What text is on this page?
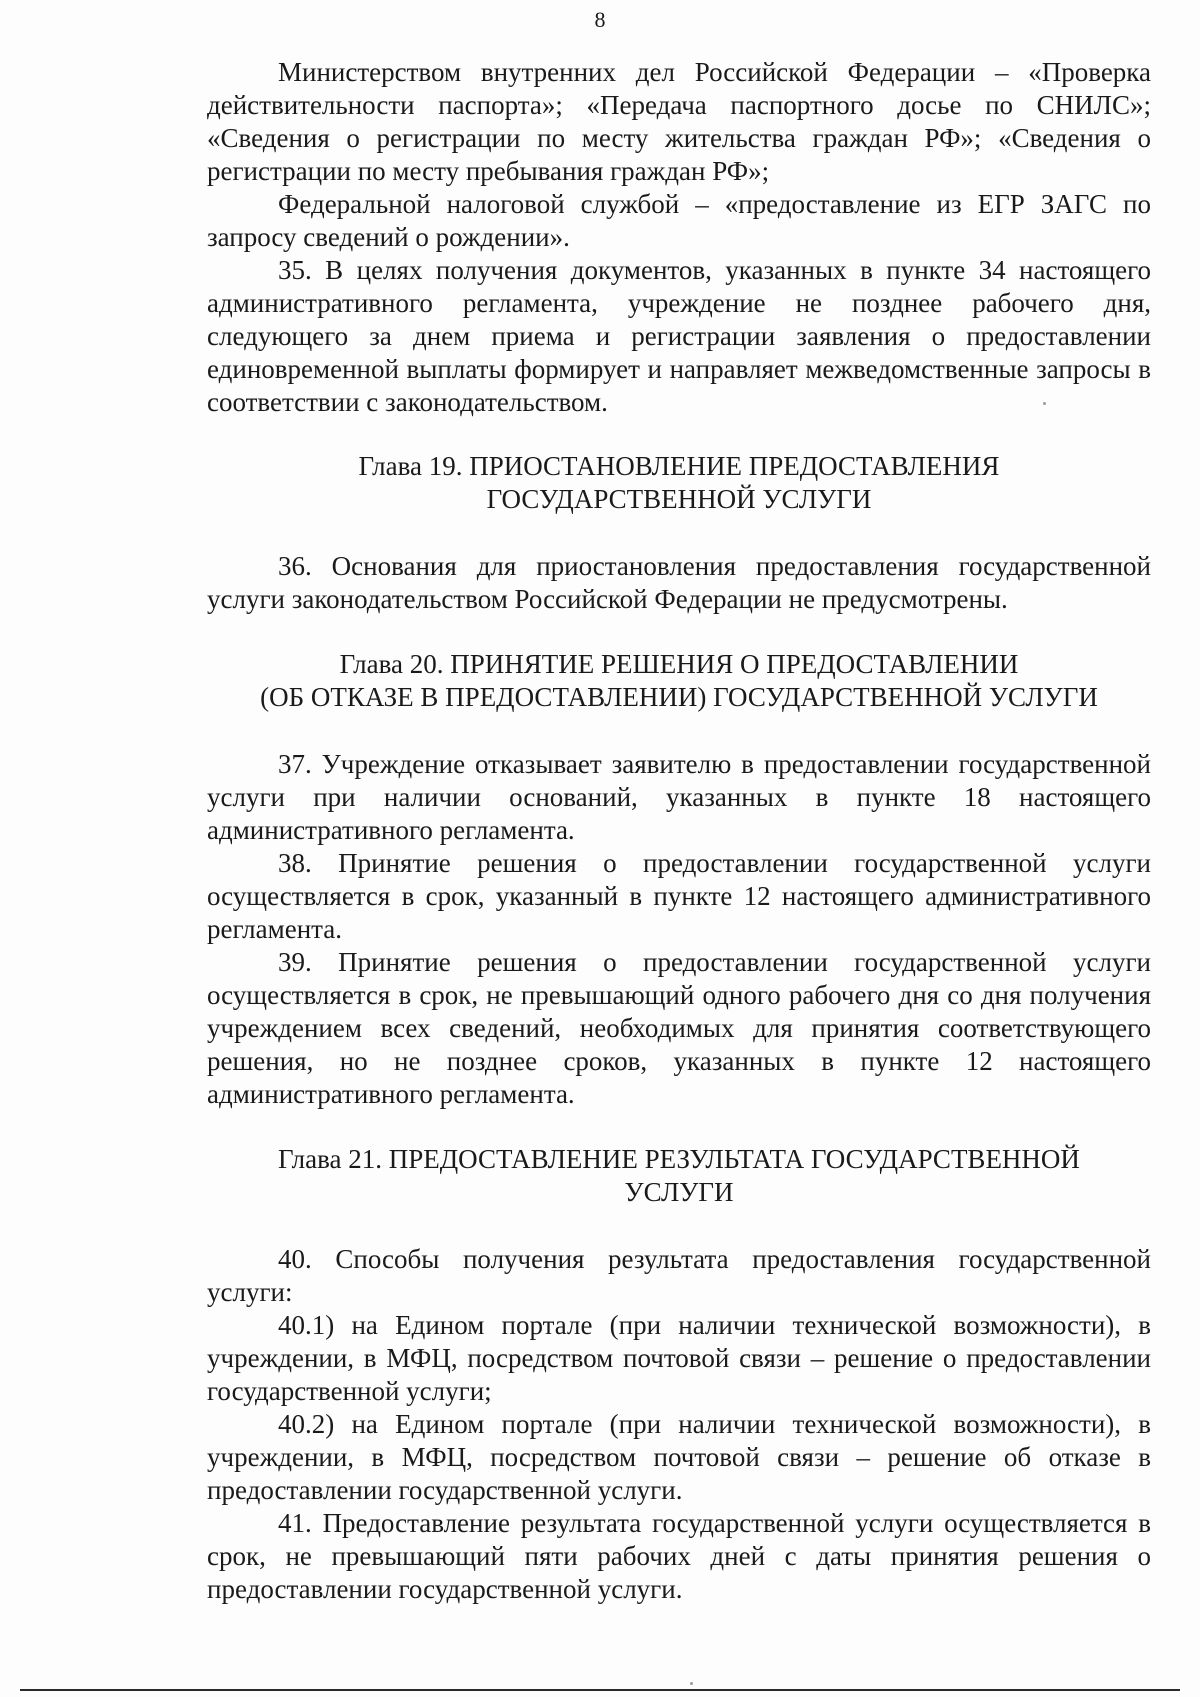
8

Министерством внутренних дел Российской Федерации – «Проверка действительности паспорта»; «Передача паспортного досье по СНИЛС»; «Сведения о регистрации по месту жительства граждан РФ»; «Сведения о регистрации по месту пребывания граждан РФ»;

Федеральной налоговой службой – «предоставление из ЕГР ЗАГС по запросу сведений о рождении».

35. В целях получения документов, указанных в пункте 34 настоящего административного регламента, учреждение не позднее рабочего дня, следующего за днем приема и регистрации заявления о предоставлении единовременной выплаты формирует и направляет межведомственные запросы в соответствии с законодательством.

Глава 19. ПРИОСТАНОВЛЕНИЕ ПРЕДОСТАВЛЕНИЯ
ГОСУДАРСТВЕННОЙ УСЛУГИ

36. Основания для приостановления предоставления государственной услуги законодательством Российской Федерации не предусмотрены.

Глава 20. ПРИНЯТИЕ РЕШЕНИЯ О ПРЕДОСТАВЛЕНИИ
(ОБ ОТКАЗЕ В ПРЕДОСТАВЛЕНИИ) ГОСУДАРСТВЕННОЙ УСЛУГИ

37. Учреждение отказывает заявителю в предоставлении государственной услуги при наличии оснований, указанных в пункте 18 настоящего административного регламента.

38. Принятие решения о предоставлении государственной услуги осуществляется в срок, указанный в пункте 12 настоящего административного регламента.

39. Принятие решения о предоставлении государственной услуги осуществляется в срок, не превышающий одного рабочего дня со дня получения учреждением всех сведений, необходимых для принятия соответствующего решения, но не позднее сроков, указанных в пункте 12 настоящего административного регламента.

Глава 21. ПРЕДОСТАВЛЕНИЕ РЕЗУЛЬТАТА ГОСУДАРСТВЕННОЙ
УСЛУГИ

40. Способы получения результата предоставления государственной услуги:

40.1) на Едином портале (при наличии технической возможности), в учреждении, в МФЦ, посредством почтовой связи – решение о предоставлении государственной услуги;

40.2) на Едином портале (при наличии технической возможности), в учреждении, в МФЦ, посредством почтовой связи – решение об отказе в предоставлении государственной услуги.

41. Предоставление результата государственной услуги осуществляется в срок, не превышающий пяти рабочих дней с даты принятия решения о предоставлении государственной услуги.
